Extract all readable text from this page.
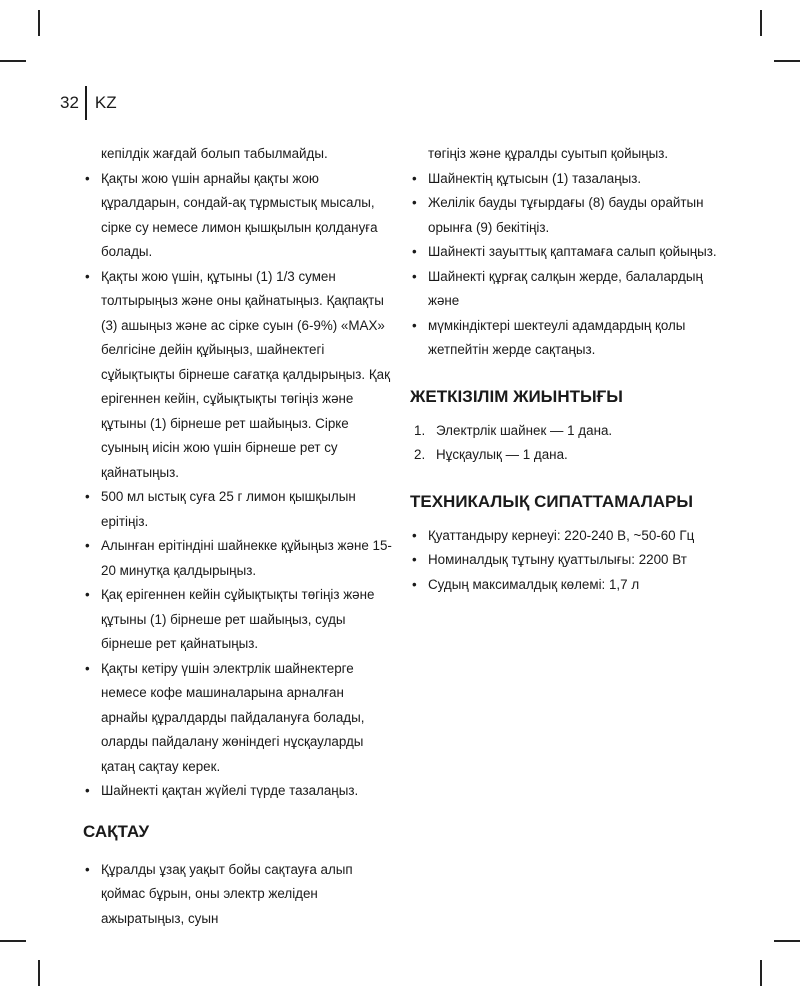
32 KZ
кепілдік жағдай болып табылмайды.
• Қақты жою үшін арнайы қақты жою құралдарын, сондай-ақ тұрмыстық мысалы, сірке су немесе лимон қышқылын қолдануға болады.
• Қақты жою үшін, құтыны (1) 1/3 сумен толтырыңыз және оны қайнатыңыз. Қақпақты (3) ашыңыз және ас сірке суын (6-9%) «MAX» белгісіне дейін құйыңыз, шайнектегі сұйықтықты бірнеше сағатқа қалдырыңыз. Қақ ерігеннен кейін, сұйықтықты төгіңіз және құтыны (1) бірнеше рет шайыңыз. Сірке суының иісін жою үшін бірнеше рет су қайнатыңыз.
• 500 мл ыстық суға 25 г лимон қышқылын ерітіңіз.
• Алынған ерітіндіні шайнекке құйыңыз және 15-20 минутқа қалдырыңыз.
• Қақ ерігеннен кейін сұйықтықты төгіңіз және құтыны (1) бірнеше рет шайыңыз, суды бірнеше рет қайнатыңыз.
• Қақты кетіру үшін электрлік шайнектерге немесе кофе машиналарына арналған арнайы құралдарды пайдалануға болады, оларды пайдалану жөніндегі нұсқауларды қатаң сақтау керек.
• Шайнекті қақтан жүйелі түрде тазалаңыз.
САҚТАУ
• Құралды ұзақ уақыт бойы сақтауға алып қоймас бұрын, оны электр желіден ажыратыңыз, суын
төгіңіз және құралды суытып қойыңыз.
• Шайнектің құтысын (1) тазалаңыз.
• Желілік бауды тұғырдағы (8) бауды орайтын орынға (9) бекітіңіз.
• Шайнекті зауыттық қаптамаға салып қойыңыз.
• Шайнекті құрғақ салқын жерде, балалардың және
• мүмкіндіктері шектеулі адамдардың қолы жетпейтін жерде сақтаңыз.
ЖЕТКІЗІЛІМ ЖИЫНТЫҒЫ
1. Электрлік шайнек — 1 дана.
2. Нұсқаулық — 1 дана.
ТЕХНИКАЛЫҚ СИПАТТАМАЛАРЫ
• Қуаттандыру кернеуі: 220-240 В, ~50-60 Гц
• Номиналдық тұтыну қуаттылығы: 2200 Вт
• Судың максималдық көлемі: 1,7 л
